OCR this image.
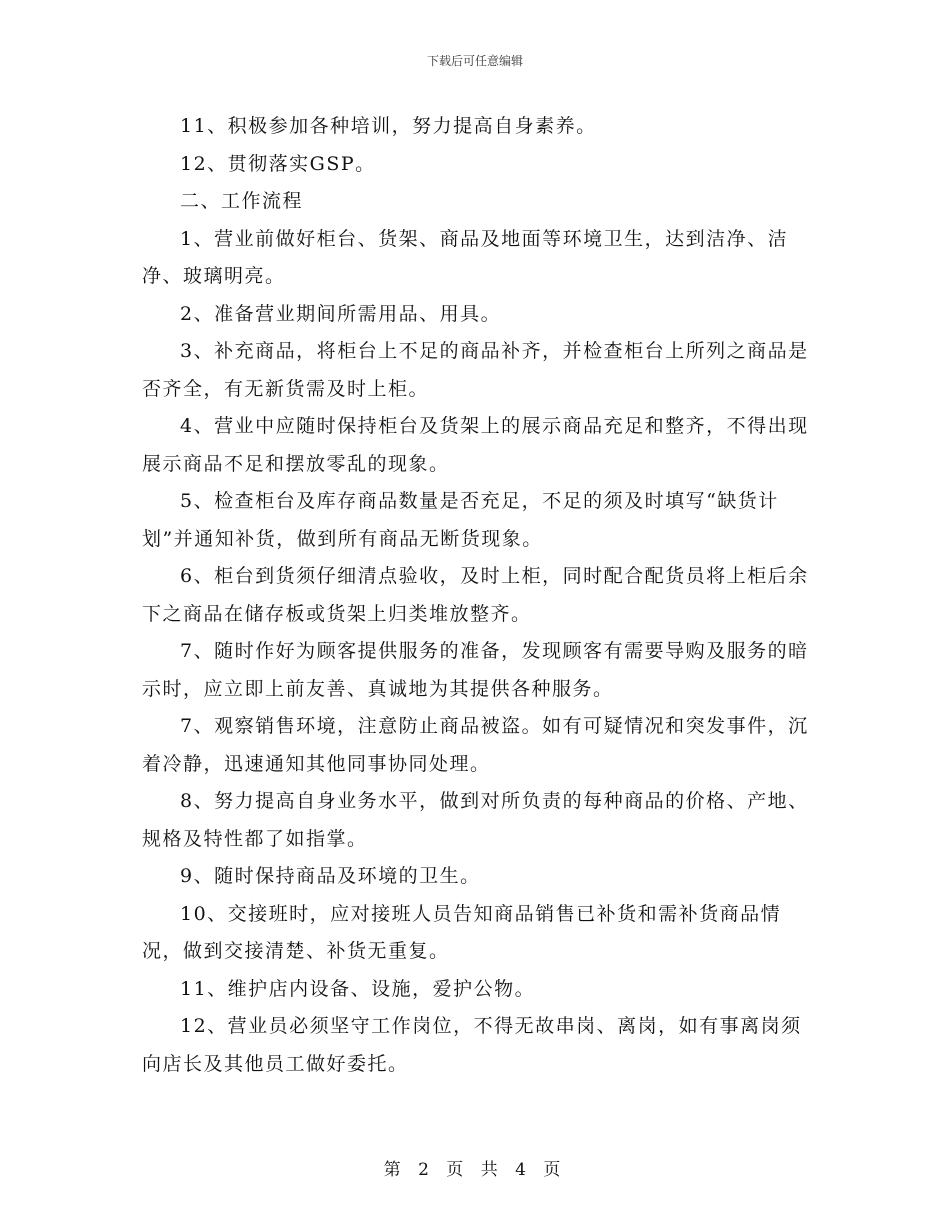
下载后可任意编辑

11、积极参加各种培训，努力提高自身素养。

12、贯彻落实GSP。

二、工作流程

1、营业前做好柜台、货架、商品及地面等环境卫生，达到洁净、洁净、玻璃明亮。

2、准备营业期间所需用品、用具。

3、补充商品，将柜台上不足的商品补齐，并检查柜台上所列之商品是否齐全，有无新货需及时上柜。

4、营业中应随时保持柜台及货架上的展示商品充足和整齐，不得出现展示商品不足和摆放零乱的现象。

5、检查柜台及库存商品数量是否充足，不足的须及时填写“缺货计划”并通知补货，做到所有商品无断货现象。

6、柜台到货须仔细清点验收，及时上柜，同时配合配货员将上柜后余下之商品在储存板或货架上归类堆放整齐。

7、随时作好为顾客提供服务的准备，发现顾客有需要导购及服务的暗示时，应立即上前友善、真诚地为其提供各种服务。

7、观察销售环境，注意防止商品被盗。如有可疑情况和突发事件，沉着冷静，迅速通知其他同事协同处理。

8、努力提高自身业务水平，做到对所负责的每种商品的价格、产地、规格及特性都了如指掌。

9、随时保持商品及环境的卫生。

10、交接班时，应对接班人员告知商品销售已补货和需补货商品情况，做到交接清楚、补货无重复。

11、维护店内设备、设施，爱护公物。

12、营业员必须坚守工作岗位，不得无故串岗、离岗，如有事离岗须向店长及其他员工做好委托。

第 2 页 共 4 页
